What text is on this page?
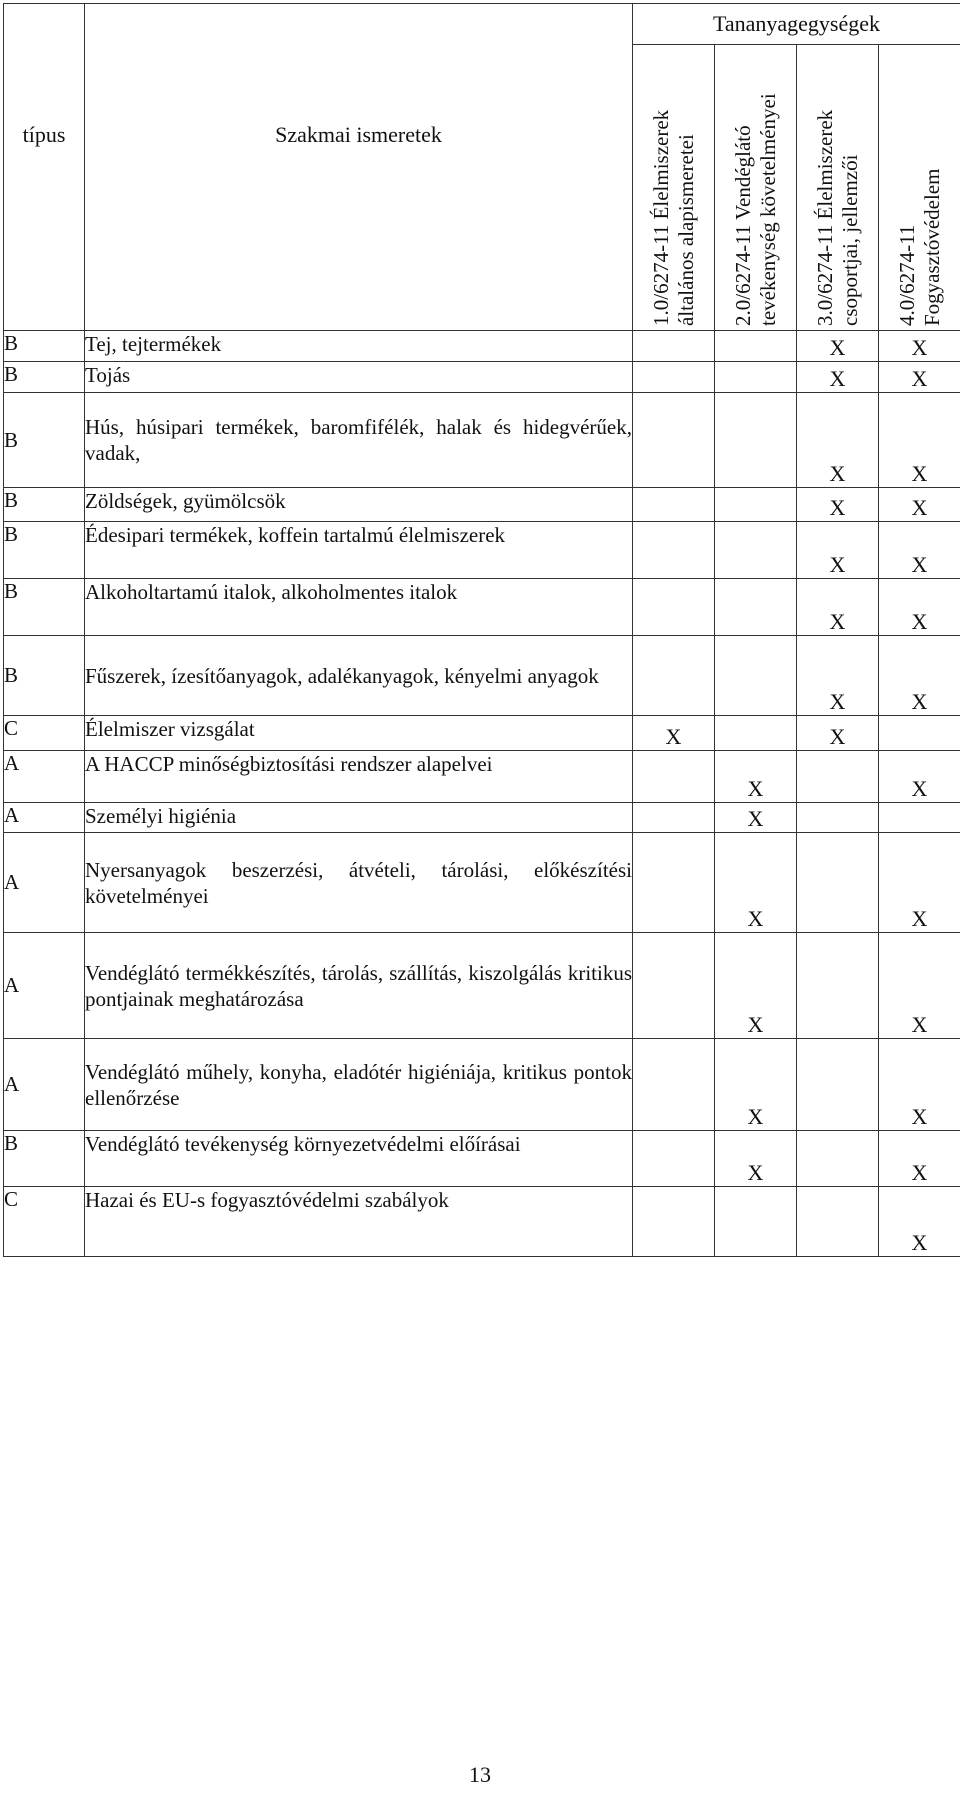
típus	Szakmai ismeretek	Tananyagegységek			

		1.0/6274-11 Élelmiszerek általános alapismeretei	2.0/6274-11 Vendéglátó tevékenység követelményei	3.0/6274-11 Élelmiszerek csoportjai, jellemzői	4.0/6274-11 Fogyasztóvédelem

B	Tej, tejtermékek			X	X
B	Tojás			X	X
B	Hús, húsipari termékek, baromfifélék, halak és hidegvérűek, vadak,			X	X
B	Zöldségek, gyümölcsök			X	X
B	Édesipari termékek, koffein tartalmú élelmiszerek			X	X
B	Alkoholtartamú italok, alkoholmentes italok			X	X
B	Fűszerek, ízesítőanyagok, adalékanyagok, kényelmi anyagok			X	X
C	Élelmiszer vizsgálat	X		X	
A	A HACCP minőségbiztosítási rendszer alapelvei		X		X
A	Személyi higiénia		X		
A	Nyersanyagok beszerzési, átvételi, tárolási, előkészítési követelményei		X		X
A	Vendéglátó termékkészítés, tárolás, szállítás, kiszolgálás kritikus pontjainak meghatározása		X		X
A	Vendéglátó műhely, konyha, eladótér higiéniája, kritikus pontok ellenőrzése		X		X
B	Vendéglátó tevékenység környezetvédelmi előírásai		X		X
C	Hazai és EU-s fogyasztóvédelmi szabályok				X
13
